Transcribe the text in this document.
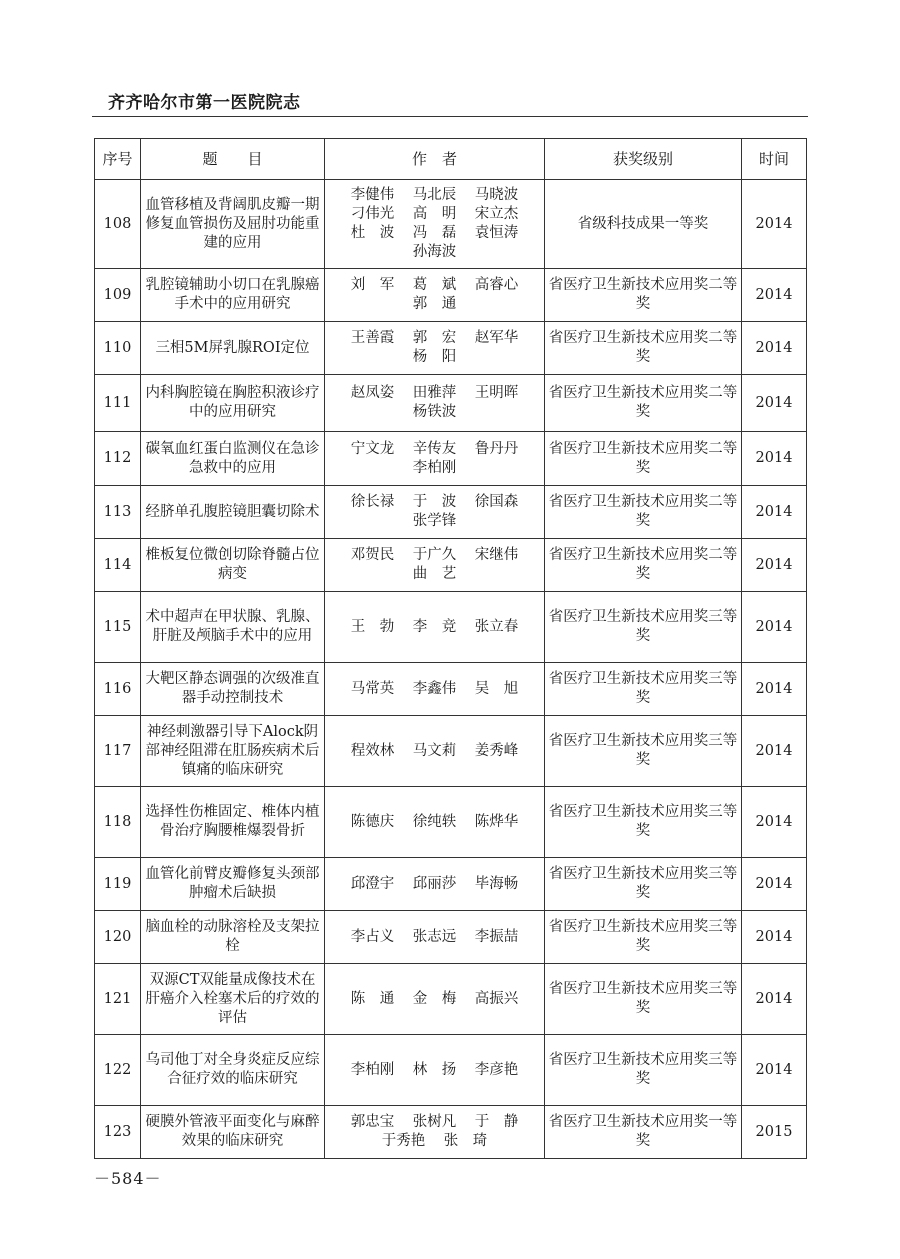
齐齐哈尔市第一医院院志
序号	题　　目	作　者	获奖级别	时间
108	血管移植及背阔肌皮瓣一期修复血管损伤及屈肘功能重建的应用	李健伟 马北辰 马晓波
刁伟光 高　明 宋立杰
杜　波 冯　磊 袁恒涛
孙海波	省级科技成果一等奖	2014
109	乳腔镜辅助小切口在乳腺癌手术中的应用研究	刘　军 葛　斌 高睿心
郭　通	省医疗卫生新技术应用奖二等奖	2014
110	三相5M屏乳腺ROI定位	王善霞 郭　宏 赵军华
杨　阳	省医疗卫生新技术应用奖二等奖	2014
111	内科胸腔镜在胸腔积液诊疗中的应用研究	赵凤姿 田雅萍 王明晖
杨铁波	省医疗卫生新技术应用奖二等奖	2014
112	碳氧血红蛋白监测仪在急诊急救中的应用	宁文龙 辛传友 鲁丹丹
李柏刚	省医疗卫生新技术应用奖二等奖	2014
113	经脐单孔腹腔镜胆囊切除术	徐长禄 于　波 徐国森
张学锋	省医疗卫生新技术应用奖二等奖	2014
114	椎板复位微创切除脊髓占位病变	邓贺民 于广久 宋继伟
曲　艺	省医疗卫生新技术应用奖二等奖	2014
115	术中超声在甲状腺、乳腺、肝脏及颅脑手术中的应用	王　勃 李　竞 张立春	省医疗卫生新技术应用奖三等奖	2014
116	大靶区静态调强的次级准直器手动控制技术	马常英 李鑫伟 吴　旭	省医疗卫生新技术应用奖三等奖	2014
117	神经刺激器引导下Alock阴部神经阻滞在肛肠疾病术后镇痛的临床研究	程效林 马文莉 姜秀峰	省医疗卫生新技术应用奖三等奖	2014
118	选择性伤椎固定、椎体内植骨治疗胸腰椎爆裂骨折	陈德庆 徐纯轶 陈烨华	省医疗卫生新技术应用奖三等奖	2014
119	血管化前臂皮瓣修复头颈部肿瘤术后缺损	邱澄宇 邱丽莎 毕海畅	省医疗卫生新技术应用奖三等奖	2014
120	脑血栓的动脉溶栓及支架拉栓	李占义 张志远 李振喆	省医疗卫生新技术应用奖三等奖	2014
121	双源CT双能量成像技术在肝癌介入栓塞术后的疗效的评估	陈　通 金　梅 高振兴	省医疗卫生新技术应用奖三等奖	2014
122	乌司他丁对全身炎症反应综合征疗效的临床研究	李柏刚 林　扬 李彦艳	省医疗卫生新技术应用奖三等奖	2014
123	硬膜外管液平面变化与麻醉效果的临床研究	郭忠宝 张树凡 于　静
于秀艳 张　琦	省医疗卫生新技术应用奖一等奖	2015
－584－
